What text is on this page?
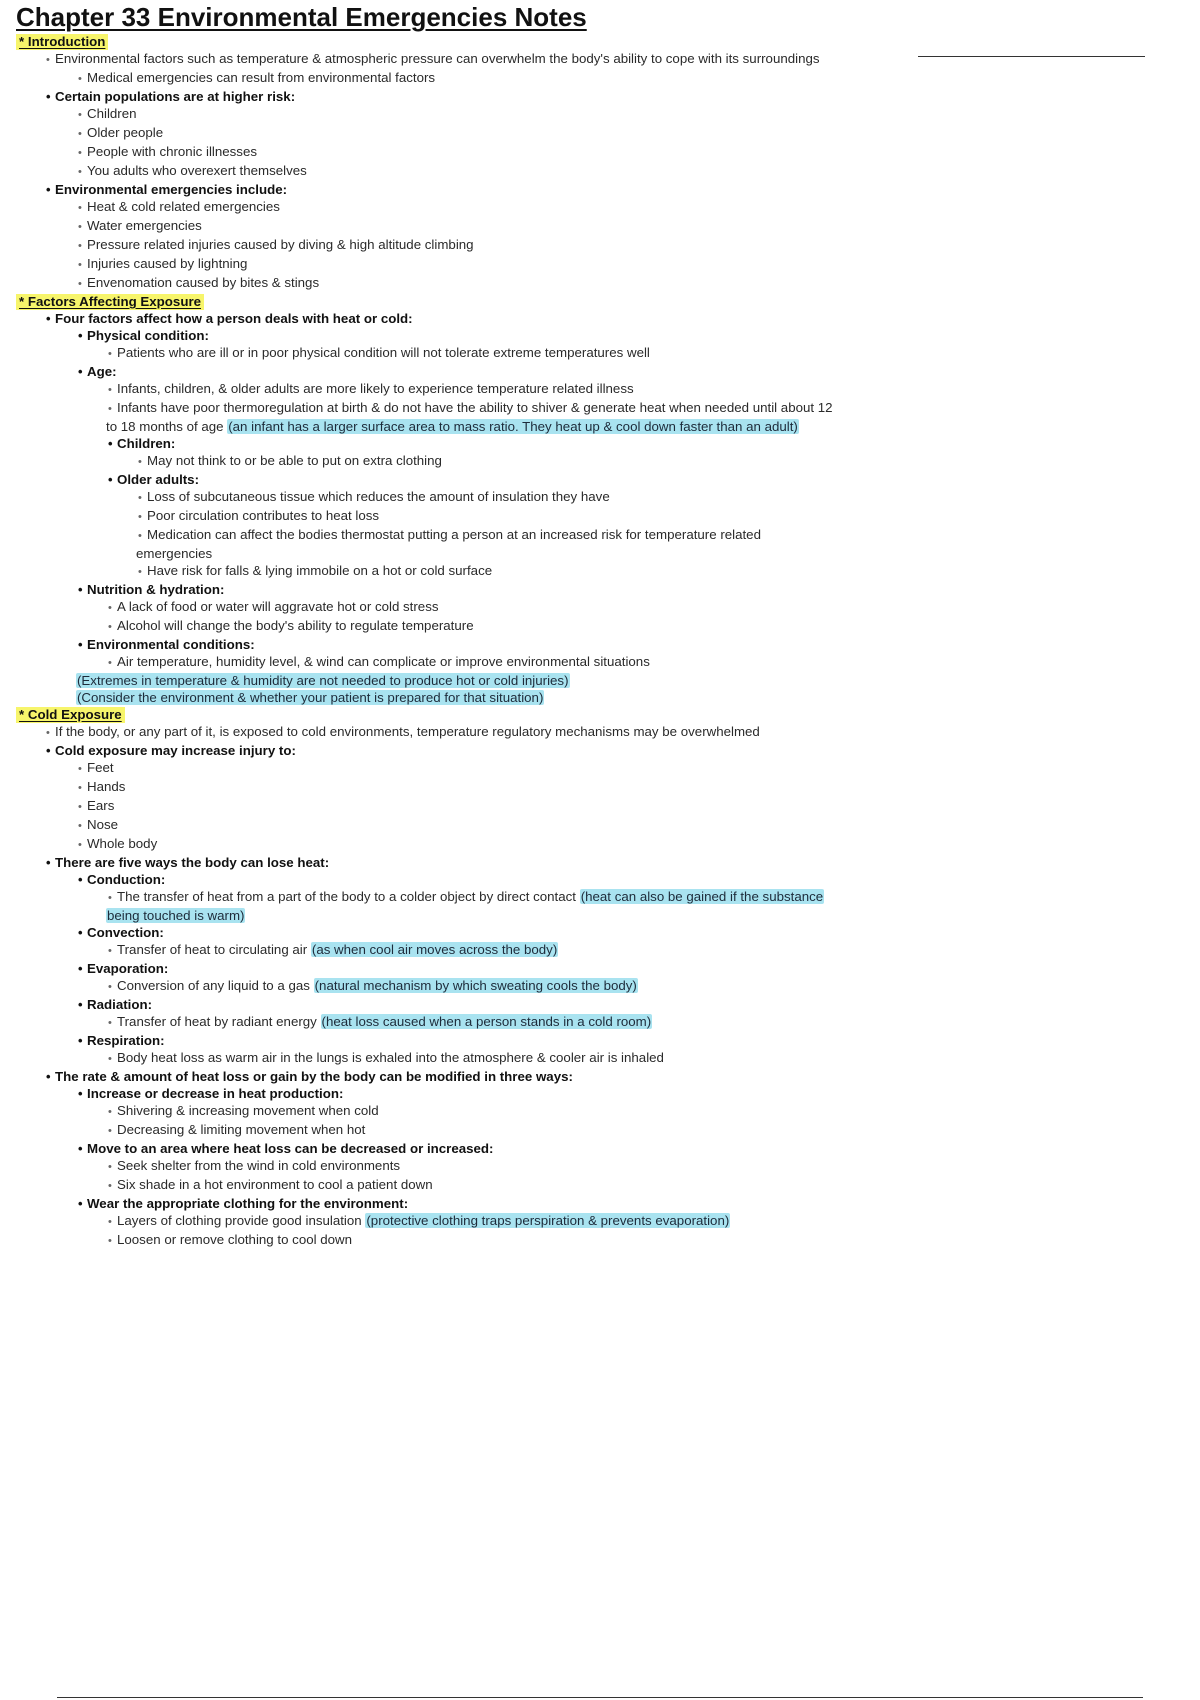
Chapter 33 Environmental Emergencies Notes
* Introduction
• Environmental factors such as temperature & atmospheric pressure can overwhelm the body's ability to cope with its surroundings
• Medical emergencies can result from environmental factors
• Certain populations are at higher risk:
• Children
• Older people
• People with chronic illnesses
• You adults who overexert themselves
• Environmental emergencies include:
• Heat & cold related emergencies
• Water emergencies
• Pressure related injuries caused by diving & high altitude climbing
• Injuries caused by lightning
• Envenomation caused by bites & stings
* Factors Affecting Exposure
• Four factors affect how a person deals with heat or cold:
• Physical condition:
• Patients who are ill or in poor physical condition will not tolerate extreme temperatures well
• Age:
• Infants, children, & older adults are more likely to experience temperature related illness
• Infants have poor thermoregulation at birth & do not have the ability to shiver & generate heat when needed until about 12
to 18 months of age (an infant has a larger surface area to mass ratio. They heat up & cool down faster than an adult)
• Children:
• May not think to or be able to put on extra clothing
• Older adults:
• Loss of subcutaneous tissue which reduces the amount of insulation they have
• Poor circulation contributes to heat loss
• Medication can affect the bodies thermostat putting a person at an increased risk for temperature related
emergencies
• Have risk for falls & lying immobile on a hot or cold surface
• Nutrition & hydration:
• A lack of food or water will aggravate hot or cold stress
• Alcohol will change the body's ability to regulate temperature
• Environmental conditions:
• Air temperature, humidity level, & wind can complicate or improve environmental situations
(Extremes in temperature & humidity are not needed to produce hot or cold injuries)
(Consider the environment & whether your patient is prepared for that situation)
* Cold Exposure
• If the body, or any part of it, is exposed to cold environments, temperature regulatory mechanisms may be overwhelmed
• Cold exposure may increase injury to:
• Feet
• Hands
• Ears
• Nose
• Whole body
• There are five ways the body can lose heat:
• Conduction:
• The transfer of heat from a part of the body to a colder object by direct contact (heat can also be gained if the substance
being touched is warm)
• Convection:
• Transfer of heat to circulating air (as when cool air moves across the body)
• Evaporation:
• Conversion of any liquid to a gas (natural mechanism by which sweating cools the body)
• Radiation:
• Transfer of heat by radiant energy (heat loss caused when a person stands in a cold room)
• Respiration:
• Body heat loss as warm air in the lungs is exhaled into the atmosphere & cooler air is inhaled
• The rate & amount of heat loss or gain by the body can be modified in three ways:
• Increase or decrease in heat production:
• Shivering & increasing movement when cold
• Decreasing & limiting movement when hot
• Move to an area where heat loss can be decreased or increased:
• Seek shelter from the wind in cold environments
• Six shade in a hot environment to cool a patient down
• Wear the appropriate clothing for the environment:
• Layers of clothing provide good insulation (protective clothing traps perspiration & prevents evaporation)
• Loosen or remove clothing to cool down
